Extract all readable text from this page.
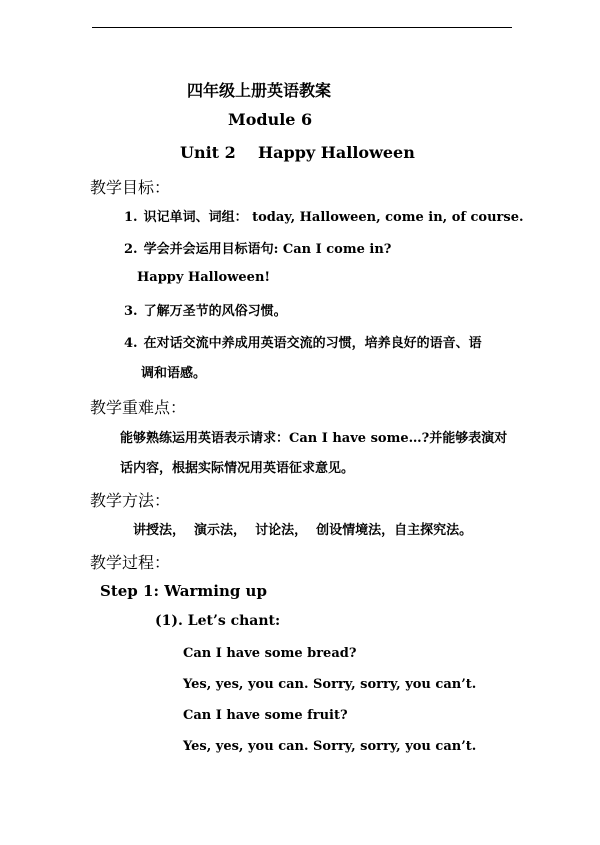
四年级上册英语教案
Module 6
Unit 2    Happy Halloween
教学目标：
1. 识记单词、词组： today, Halloween, come in, of course.
2. 学会并会运用目标语句: Can I come in?
Happy Halloween!
3. 了解万圣节的风俗习惯。
4. 在对话交流中养成用英语交流的习惯，培养良好的语音、语
调和语感。
教学重难点：
能够熟练运用英语表示请求：Can I have some…?并能够表演对
话内容，根据实际情况用英语征求意见。
教学方法：
讲授法，  演示法，  讨论法，  创设情境法，自主探究法。
教学过程：
Step 1: Warming up
(1). Let’s chant:
Can I have some bread?
Yes, yes, you can. Sorry, sorry, you can’t.
Can I have some fruit?
Yes, yes, you can. Sorry, sorry, you can’t.
